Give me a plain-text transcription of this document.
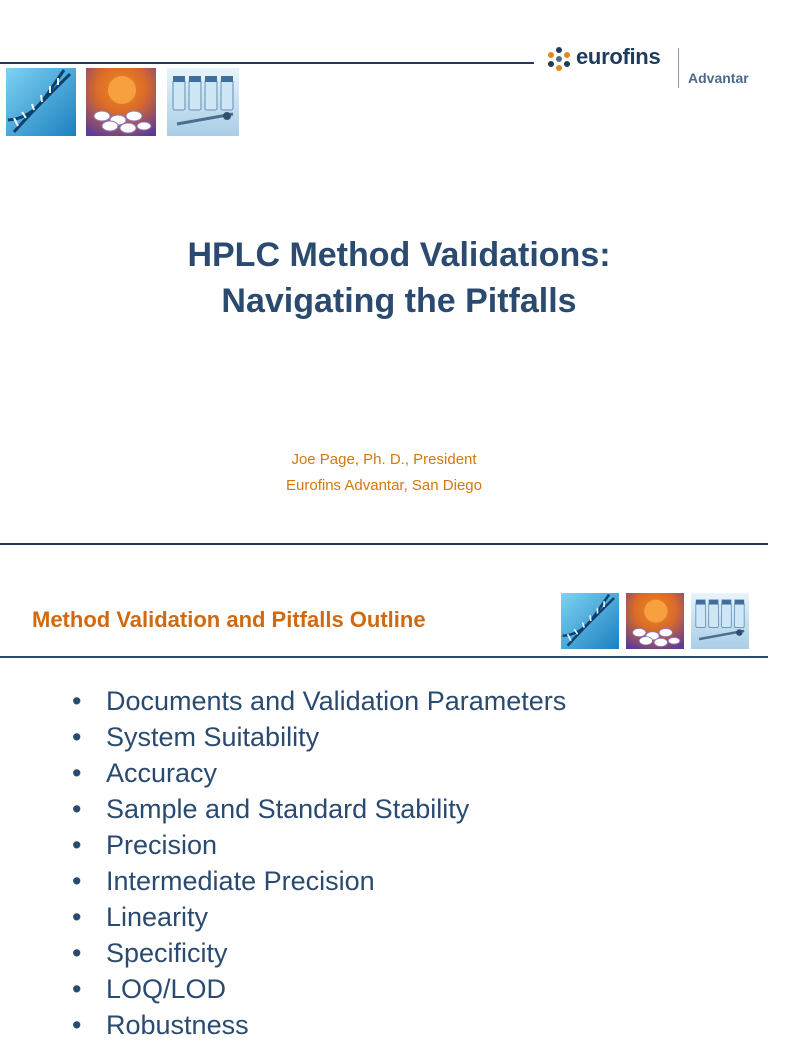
eurofins
Advantar
HPLC Method Validations:
Navigating the Pitfalls
Joe Page, Ph. D., President
Eurofins Advantar, San Diego
Method Validation and Pitfalls Outline
• Documents and Validation Parameters
• System Suitability
• Accuracy
• Sample and Standard Stability
• Precision
• Intermediate Precision
• Linearity
• Specificity
• LOQ/LOD
• Robustness
